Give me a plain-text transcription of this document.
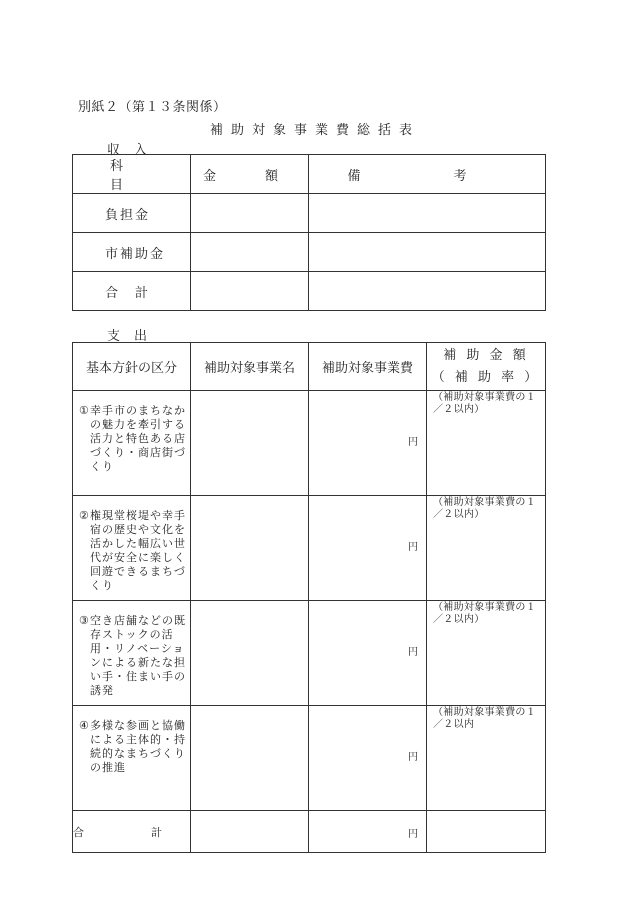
別紙２（第１３条関係）
補助対象事業費総括表
収入
科　目	金　額	備　考
負担金		
市補助金		
合　計		
支出
基本方針の区分	補助対象事業名	補助対象事業費	補 助 金 額
（ 補 助 率 ）

① 幸手市のまちなかの魅力を牽引する活力と特色ある店づくり・商店街づくり		円	（補助対象事業費の１／２以内）

② 権現堂桜堤や幸手宿の歴史や文化を活かした幅広い世代が安全に楽しく回遊できるまちづくり		円	（補助対象事業費の１／２以内）

③ 空き店舗などの既存ストックの活用・リノベーションによる新たな担い手・住まい手の誘発		円	（補助対象事業費の１／２以内）

④ 多様な参画と協働による主体的・持続的なまちづくりの推進		円	（補助対象事業費の１／２以内
合　計		円	
